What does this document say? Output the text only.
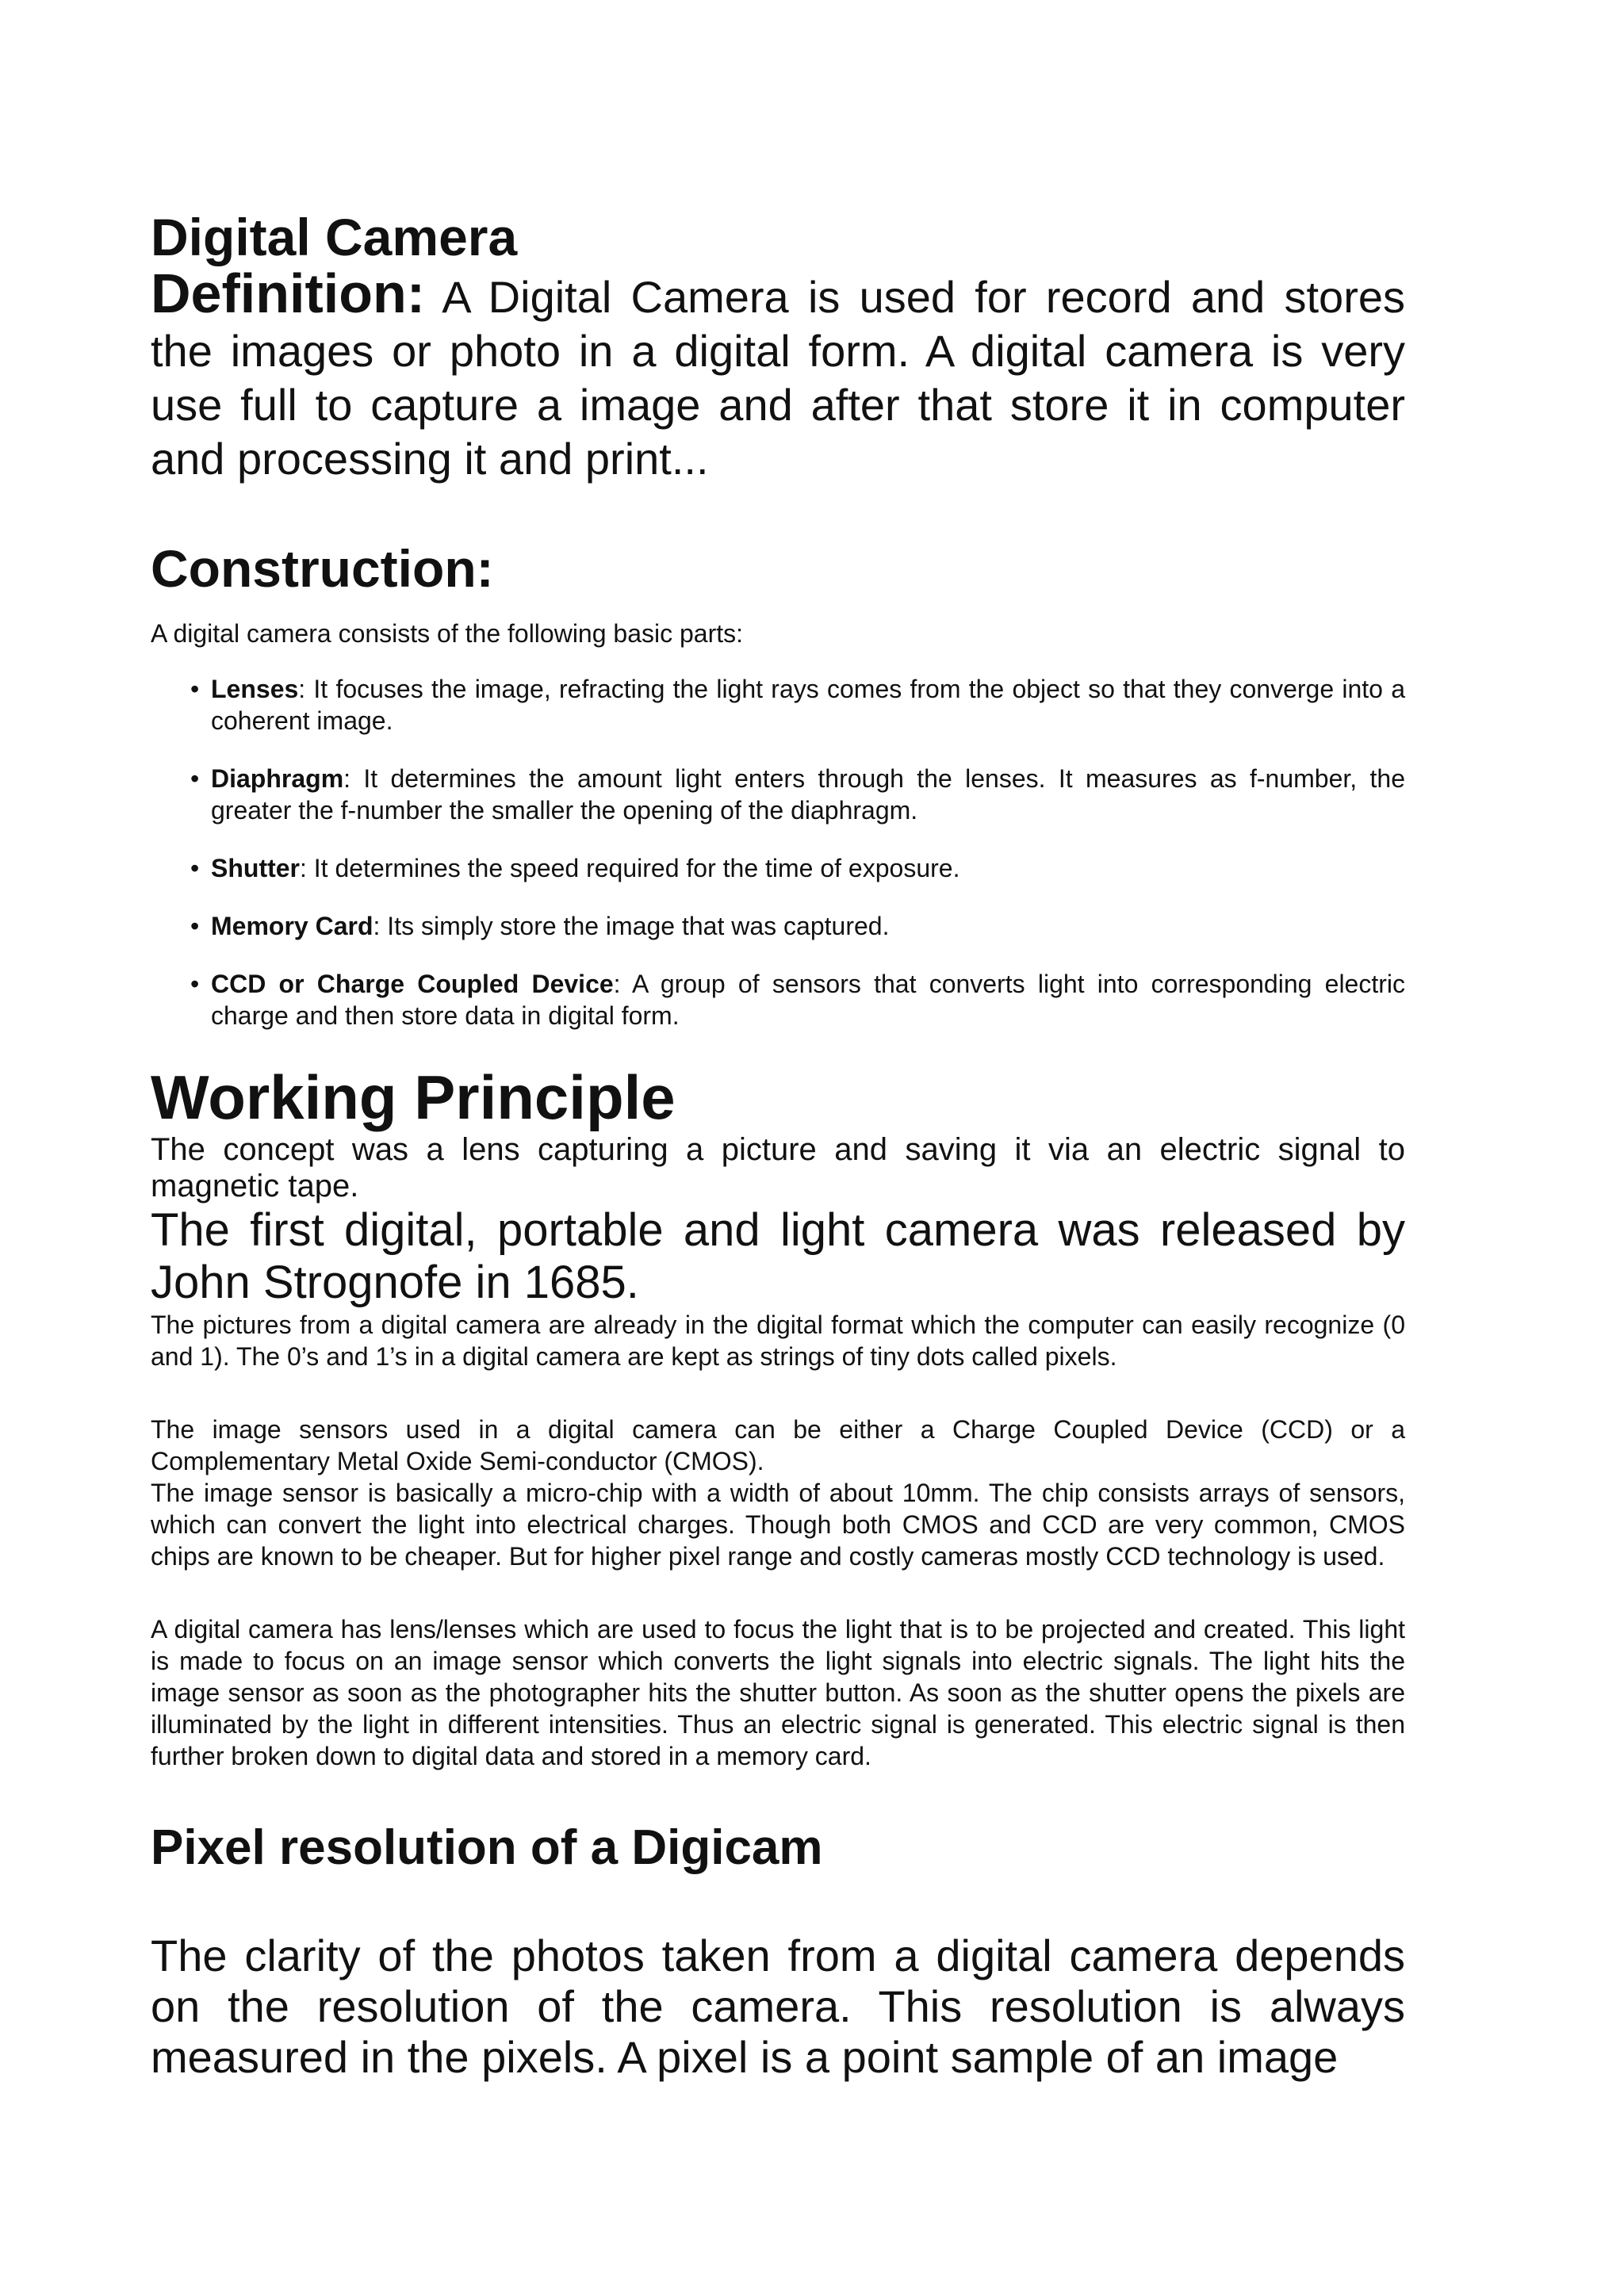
Digital Camera

Definition: A Digital Camera is used for record and stores the images or photo in a digital form. A digital camera is very use full to capture a image and after that store it in computer and processing it and print...

Construction:

A digital camera consists of the following basic parts:

• Lenses: It focuses the image, refracting the light rays comes from the object so that they converge into a coherent image.
• Diaphragm: It determines the amount light enters through the lenses. It measures as f-number, the greater the f-number the smaller the opening of the diaphragm.
• Shutter: It determines the speed required for the time of exposure.
• Memory Card: Its simply store the image that was captured.
• CCD or Charge Coupled Device: A group of sensors that converts light into corresponding electric charge and then store data in digital form.
Working Principle

The concept was a lens capturing a picture and saving it via an electric signal to magnetic tape.

The first digital, portable and light camera was released by John Strognofe in 1685.

The pictures from a digital camera are already in the digital format which the computer can easily recognize (0 and 1). The 0’s and 1’s in a digital camera are kept as strings of tiny dots called pixels.

The image sensors used in a digital camera can be either a Charge Coupled Device (CCD) or a Complementary Metal Oxide Semi-conductor (CMOS).

The image sensor is basically a micro-chip with a width of about 10mm. The chip consists arrays of sensors, which can convert the light into electrical charges. Though both CMOS and CCD are very common, CMOS chips are known to be cheaper. But for higher pixel range and costly cameras mostly CCD technology is used.

A digital camera has lens/lenses which are used to focus the light that is to be projected and created. This light is made to focus on an image sensor which converts the light signals into electric signals. The light hits the image sensor as soon as the photographer hits the shutter button. As soon as the shutter opens the pixels are illuminated by the light in different intensities. Thus an electric signal is generated. This electric signal is then further broken down to digital data and stored in a memory card.

Pixel resolution of a Digicam

The clarity of the photos taken from a digital camera depends on the resolution of the camera. This resolution is always measured in the pixels. A pixel is a point sample of an image
